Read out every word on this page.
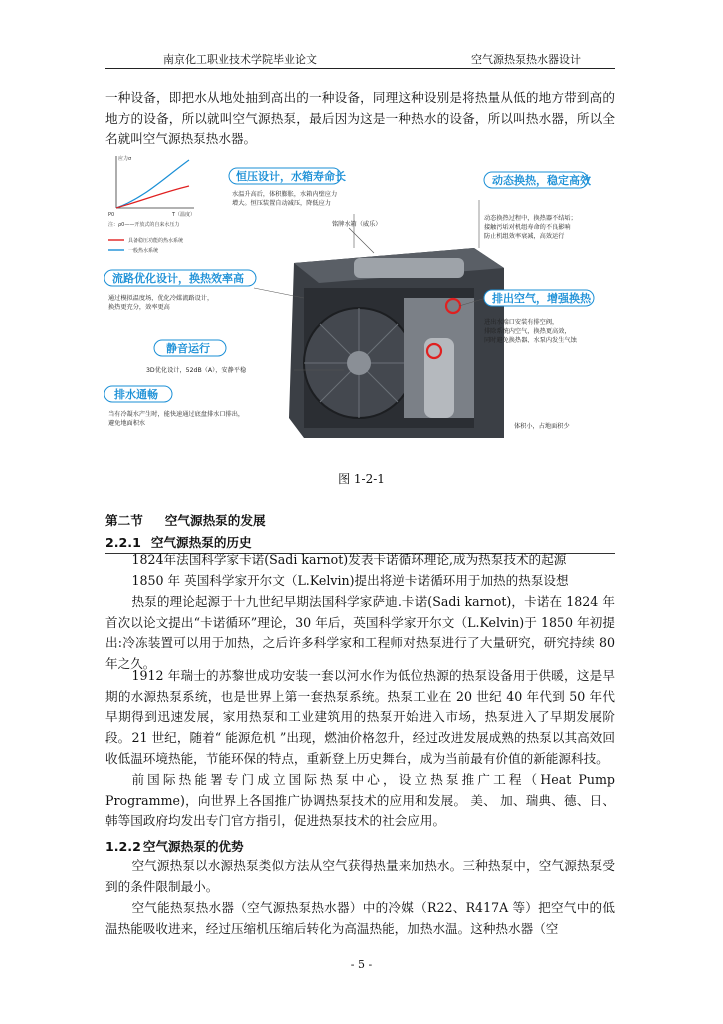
南京化工职业技术学院毕业论文	空气源热泵热水器设计

一种设备，即把水从地处抽到高出的一种设备，同理这种设别是将热量从低的地方带到高的地方的设备，所以就叫空气源热泵，最后因为这是一种热水的设备，所以叫热水器，所以全名就叫空气源热泵热水器。

应力σ
T（温度）
P0
注：ρ0——开放式的自来水压力
具备稳压功能的热水系统
一般热水系统
恒压设计，水箱寿命长
水温升高后，体积膨胀，水箱内壁应力
增大。恒压装置自动减压，降低应力
动态换热，稳定高效
动态换热过程中，换热器不结垢；
接触污垢对机组寿命的不良影响
防止机组效率衰减，高效运行
铭牌水箱（威乐）
流路优化设计，换热效率高
通过模拟温度场，优化冷媒流路设计，
换热更充分，效率更高
排出空气，增强换热
进出水端口安装有排空阀，
排除系统内空气，换热更高效，
同时避免换热器、水泵内发生气蚀
静音运行
3D优化设计，52dB（A），安静平稳
排水通畅
当有冷凝水产生时，能快速通过底盘排水口排出，
避免地面积水	体积小，占地面积少
图 1-2-1
第二节 空气源热泵的发展
2.2.1 空气源热泵的历史

1824年法国科学家卡诺(Sadi karnot)发表卡诺循环理论,成为热泵技术的起源

1850 年 英国科学家开尔文（L.Kelvin)提出将逆卡诺循环用于加热的热泵设想

热泵的理论起源于十九世纪早期法国科学家萨迪.卡诺(Sadi karnot)，卡诺在 1824 年首次以论文提出“卡诺循环”理论，30 年后，英国科学家开尔文（L.Kelvin)于 1850 年初提出:冷冻装置可以用于加热，之后许多科学家和工程师对热泵进行了大量研究，研究持续 80 年之久。

1912 年瑞士的苏黎世成功安装一套以河水作为低位热源的热泵设备用于供暖，这是早期的水源热泵系统，也是世界上第一套热泵系统。热泵工业在 20 世纪 40 年代到 50 年代早期得到迅速发展，家用热泵和工业建筑用的热泵开始进入市场，热泵进入了早期发展阶段。 21 世纪，随着“ 能源危机 ”出现，燃油价格忽升，经过改进发展成熟的热泵以其高效回收低温环境热能，节能环保的特点，重新登上历史舞台，成为当前最有价值的新能源科技。

前国际热能署专门成立国际热泵中心，设立热泵推广工程（Heat Pump Programme)，向世界上各国推广协调热泵技术的应用和发展。 美、 加、瑞典、德、日、韩等国政府均发出专门官方指引，促进热泵技术的社会应用。

1.2.2 空气源热泵的优势

空气源热泵以水源热泵类似方法从空气获得热量来加热水。三种热泵中，空气源热泵受到的条件限制最小。

空气能热泵热水器（空气源热泵热水器）中的冷媒（R22、R417A 等）把空气中的低温热能吸收进来，经过压缩机压缩后转化为高温热能，加热水温。这种热水器（空

- 5 -
